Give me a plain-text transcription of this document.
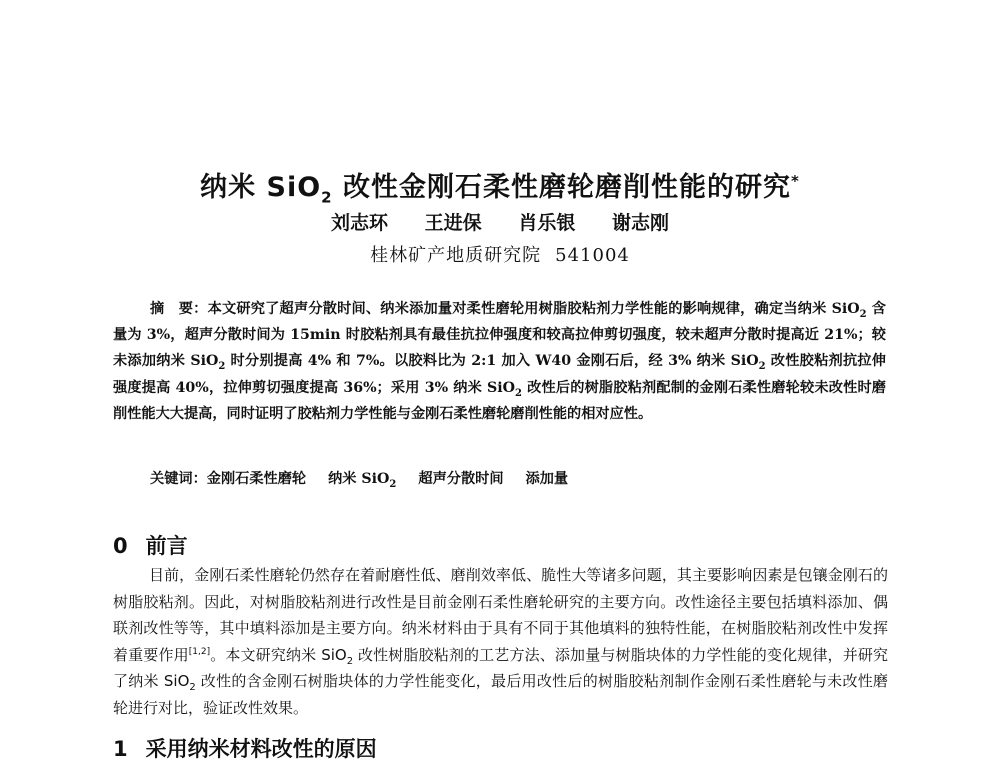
纳米 SiO$_2$ 改性金刚石柔性磨轮磨削性能的研究*
刘志环 王进保 肖乐银 谢志刚
桂林矿产地质研究院 541004
摘　要：本文研究了超声分散时间、纳米添加量对柔性磨轮用树脂胶粘剂力学性能的影响规律，确定当纳米 SiO$_2$ 含量为 3%，超声分散时间为 15min 时胶粘剂具有最佳抗拉伸强度和较高拉伸剪切强度，较未超声分散时提高近 21%；较未添加纳米 SiO$_2$ 时分别提高 4% 和 7%。以胶料比为 2:1 加入 W40 金刚石后，经 3% 纳米 SiO$_2$ 改性胶粘剂抗拉伸强度提高 40%，拉伸剪切强度提高 36%；采用 3% 纳米 SiO$_2$ 改性后的树脂胶粘剂配制的金刚石柔性磨轮较未改性时磨削性能大大提高，同时证明了胶粘剂力学性能与金刚石柔性磨轮磨削性能的相对应性。
关键词：金刚石柔性磨轮 纳米 SiO$_2$ 超声分散时间 添加量
0 前言
目前，金刚石柔性磨轮仍然存在着耐磨性低、磨削效率低、脆性大等诸多问题，其主要影响因素是包镶金刚石的树脂胶粘剂。因此，对树脂胶粘剂进行改性是目前金刚石柔性磨轮研究的主要方向。改性途径主要包括填料添加、偶联剂改性等等，其中填料添加是主要方向。纳米材料由于具有不同于其他填料的独特性能，在树脂胶粘剂改性中发挥着重要作用[1,2]。本文研究纳米 SiO$_2$ 改性树脂胶粘剂的工艺方法、添加量与树脂块体的力学性能的变化规律，并研究了纳米 SiO$_2$ 改性的含金刚石树脂块体的力学性能变化，最后用改性后的树脂胶粘剂制作金刚石柔性磨轮与未改性磨轮进行对比，验证改性效果。
1 采用纳米材料改性的原因
